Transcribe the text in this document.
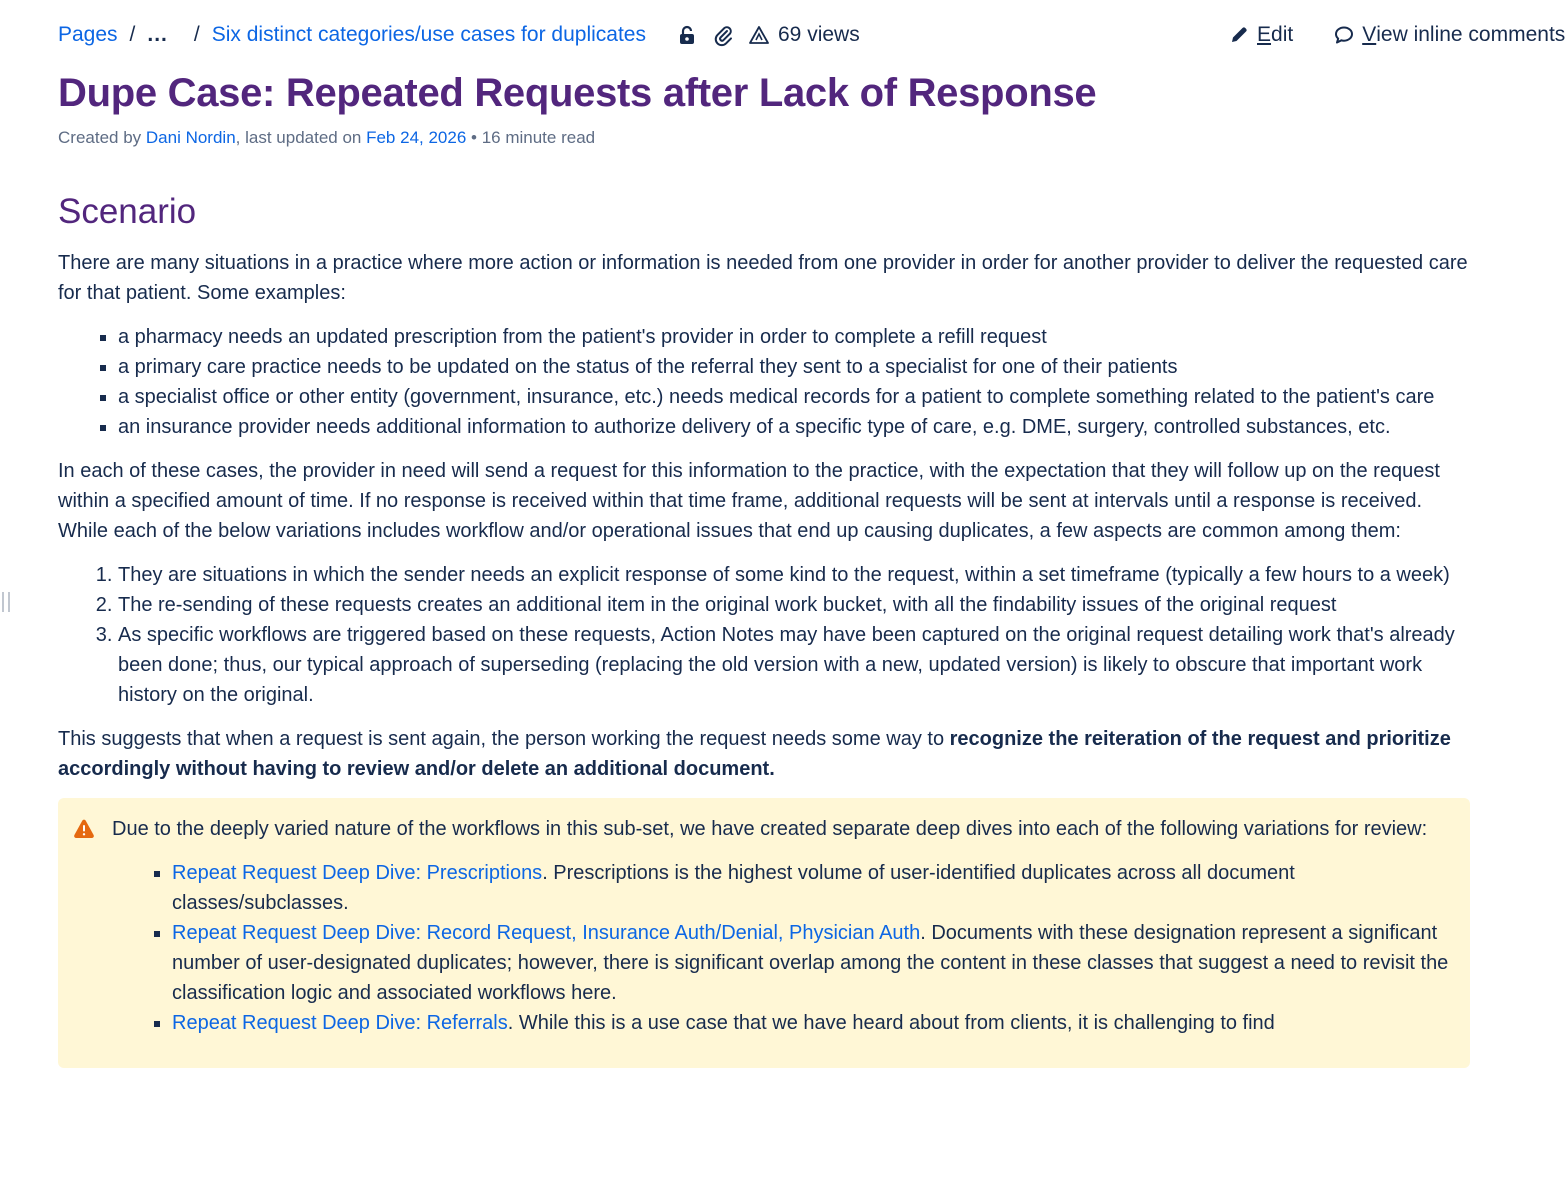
Pages / ... / Six distinct categories/use cases for duplicates	69 views	E dit	V iew inline comments
Dupe Case: Repeated Requests after Lack of Response
Created by Dani Nordin, last updated on Feb 24, 2026 • 16 minute read
Scenario

There are many situations in a practice where more action or information is needed from one provider in order for another provider to deliver the requested care for that patient. Some examples:

▪ a pharmacy needs an updated prescription from the patient's provider in order to complete a refill request
▪ a primary care practice needs to be updated on the status of the referral they sent to a specialist for one of their patients
▪ a specialist office or other entity (government, insurance, etc.) needs medical records for a patient to complete something related to the patient's care
▪ an insurance provider needs additional information to authorize delivery of a specific type of care, e.g. DME, surgery, controlled substances, etc.

In each of these cases, the provider in need will send a request for this information to the practice, with the expectation that they will follow up on the request within a specified amount of time. If no response is received within that time frame, additional requests will be sent at intervals until a response is received. While each of the below variations includes workflow and/or operational issues that end up causing duplicates, a few aspects are common among them:

1. They are situations in which the sender needs an explicit response of some kind to the request, within a set timeframe (typically a few hours to a week)
2. The re-sending of these requests creates an additional item in the original work bucket, with all the findability issues of the original request
3. As specific workflows are triggered based on these requests, Action Notes may have been captured on the original request detailing work that's already been done; thus, our typical approach of superseding (replacing the old version with a new, updated version) is likely to obscure that important work history on the original.

This suggests that when a request is sent again, the person working the request needs some way to recognize the reiteration of the request and prioritize accordingly without having to review and/or delete an additional document.

Due to the deeply varied nature of the workflows in this sub-set, we have created separate deep dives into each of the following variations for review:

▪ Repeat Request Deep Dive: Prescriptions. Prescriptions is the highest volume of user-identified duplicates across all document classes/subclasses.
▪ Repeat Request Deep Dive: Record Request, Insurance Auth/Denial, Physician Auth. Documents with these designation represent a significant number of user-designated duplicates; however, there is significant overlap among the content in these classes that suggest a need to revisit the classification logic and associated workflows here.
▪ Repeat Request Deep Dive: Referrals. While this is a use case that we have heard about from clients, it is challenging to find
